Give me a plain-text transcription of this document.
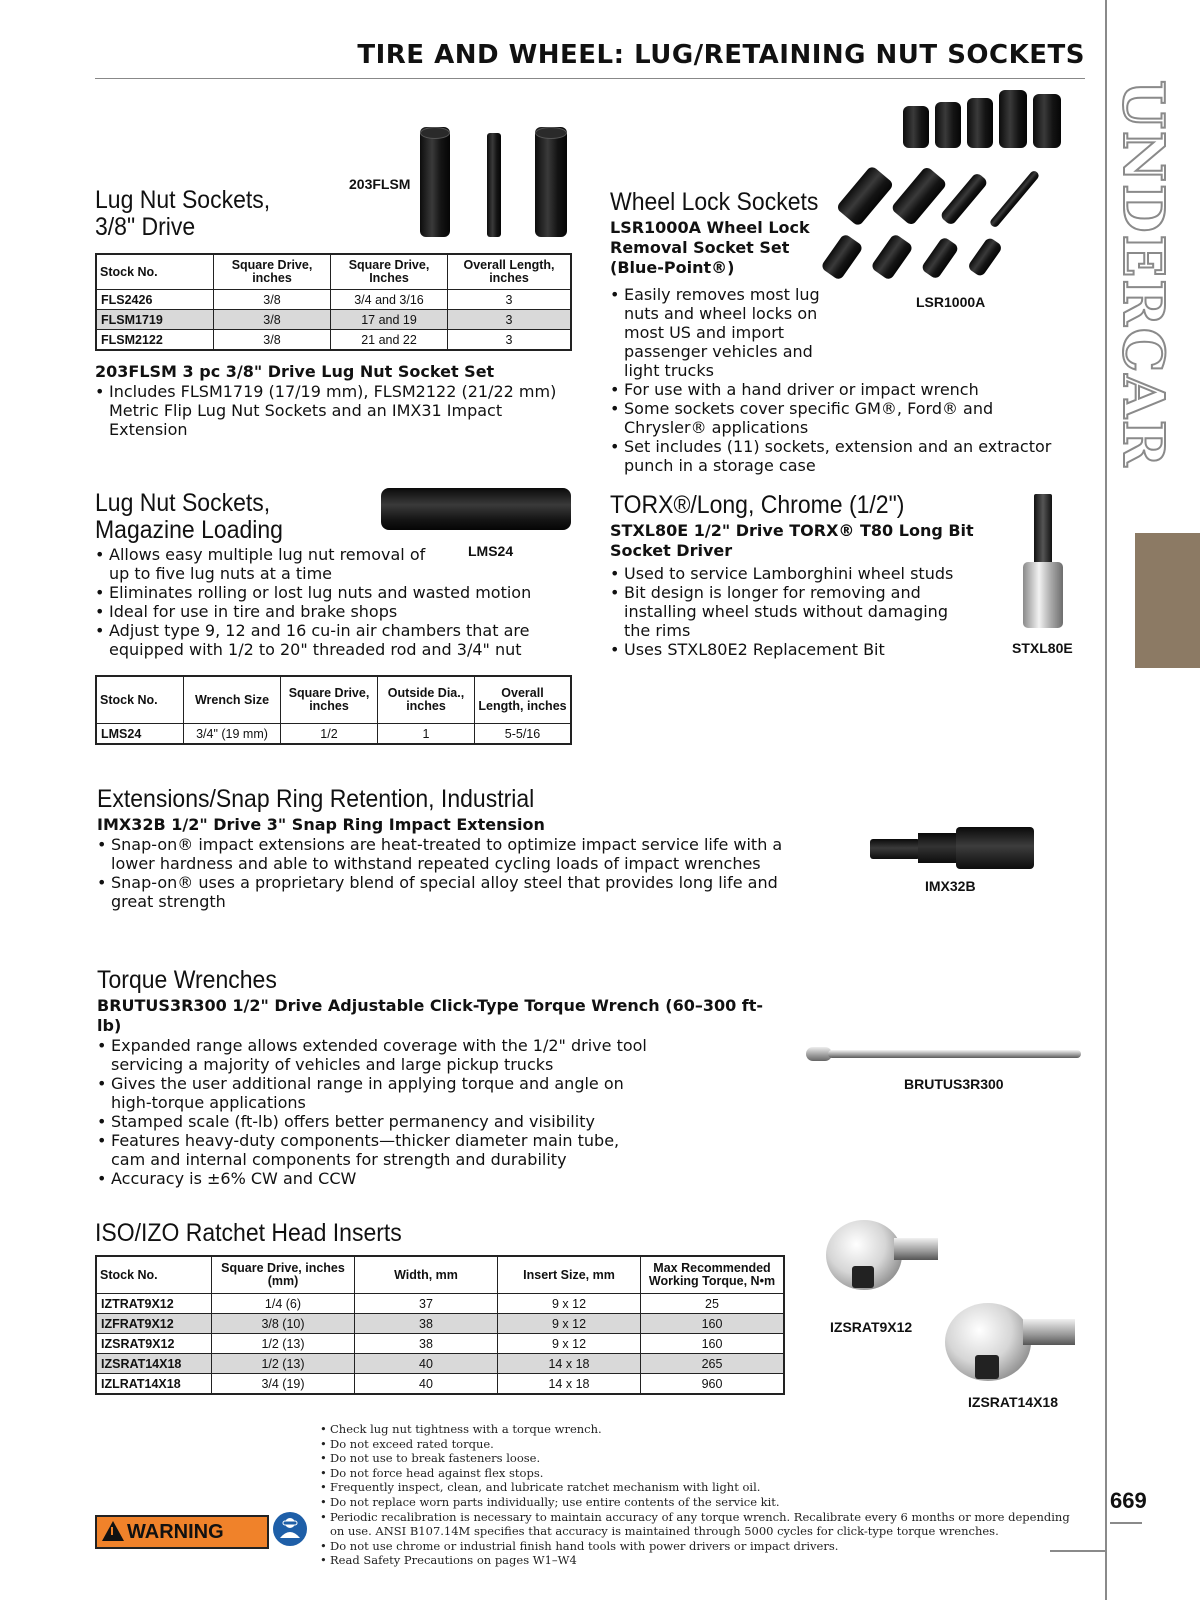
TIRE AND WHEEL: LUG/RETAINING NUT SOCKETS
UNDERCAR
669
Lug Nut Sockets,
3/8" Drive
203FLSM
Stock No.	Square Drive, inches	Square Drive, Inches	Overall Length, inches
FLS2426	3/8	3/4 and 3/16	3
FLSM1719	3/8	17 and 19	3
FLSM2122	3/8	21 and 22	3
203FLSM 3 pc 3/8" Drive Lug Nut Socket Set
• Includes FLSM1719 (17/19 mm), FLSM2122 (21/22 mm) Metric Flip Lug Nut Sockets and an IMX31 Impact Extension
Wheel Lock Sockets
LSR1000A Wheel Lock
Removal Socket Set
(Blue-Point®)
LSR1000A
• Easily removes most lug nuts and wheel locks on most US and import passenger vehicles and light trucks
• For use with a hand driver or impact wrench
• Some sockets cover specific GM®, Ford® and Chrysler® applications
• Set includes (11) sockets, extension and an extractor punch in a storage case
Lug Nut Sockets,
Magazine Loading
LMS24
• Allows easy multiple lug nut removal of up to five lug nuts at a time
• Eliminates rolling or lost lug nuts and wasted motion
• Ideal for use in tire and brake shops
• Adjust type 9, 12 and 16 cu-in air chambers that are equipped with 1/2 to 20" threaded rod and 3/4" nut
Stock No.	Wrench Size	Square Drive, inches	Outside Dia., inches	Overall Length, inches
LMS24	3/4" (19 mm)	1/2	1	5-5/16
TORX®/Long, Chrome (1/2")
STXL80E 1/2" Drive TORX® T80 Long Bit
Socket Driver
• Used to service Lamborghini wheel studs
• Bit design is longer for removing and installing wheel studs without damaging the rims
• Uses STXL80E2 Replacement Bit	STXL80E
Extensions/Snap Ring Retention, Industrial
IMX32B 1/2" Drive 3" Snap Ring Impact Extension
• Snap-on® impact extensions are heat-treated to optimize impact service life with a lower hardness and able to withstand repeated cycling loads of impact wrenches
• Snap-on® uses a proprietary blend of special alloy steel that provides long life and great strength
IMX32B
Torque Wrenches
BRUTUS3R300 1/2" Drive Adjustable Click-Type Torque Wrench (60–300 ft-lb)
• Expanded range allows extended coverage with the 1/2" drive tool servicing a majority of vehicles and large pickup trucks
• Gives the user additional range in applying torque and angle on high-torque applications
• Stamped scale (ft-lb) offers better permanency and visibility
• Features heavy-duty components—thicker diameter main tube, cam and internal components for strength and durability
• Accuracy is ±6% CW and CCW
BRUTUS3R300
ISO/IZO Ratchet Head Inserts
Stock No.	Square Drive, inches (mm)	Width, mm	Insert Size, mm	Max Recommended Working Torque, N•m
IZTRAT9X12	1/4 (6)	37	9 x 12	25
IZFRAT9X12	3/8 (10)	38	9 x 12	160
IZSRAT9X12	1/2 (13)	38	9 x 12	160
IZSRAT14X18	1/2 (13)	40	14 x 18	265
IZLRAT14X18	3/4 (19)	40	14 x 18	960
IZSRAT9X12
IZSRAT14X18
WARNING
• Check lug nut tightness with a torque wrench.
• Do not exceed rated torque.
• Do not use to break fasteners loose.
• Do not force head against flex stops.
• Frequently inspect, clean, and lubricate ratchet mechanism with light oil.
• Do not replace worn parts individually; use entire contents of the service kit.
• Periodic recalibration is necessary to maintain accuracy of any torque wrench. Recalibrate every 6 months or more depending on use. ANSI B107.14M specifies that accuracy is maintained through 5000 cycles for click-type torque wrenches.
• Do not use chrome or industrial finish hand tools with power drivers or impact drivers.
• Read Safety Precautions on pages W1–W4
